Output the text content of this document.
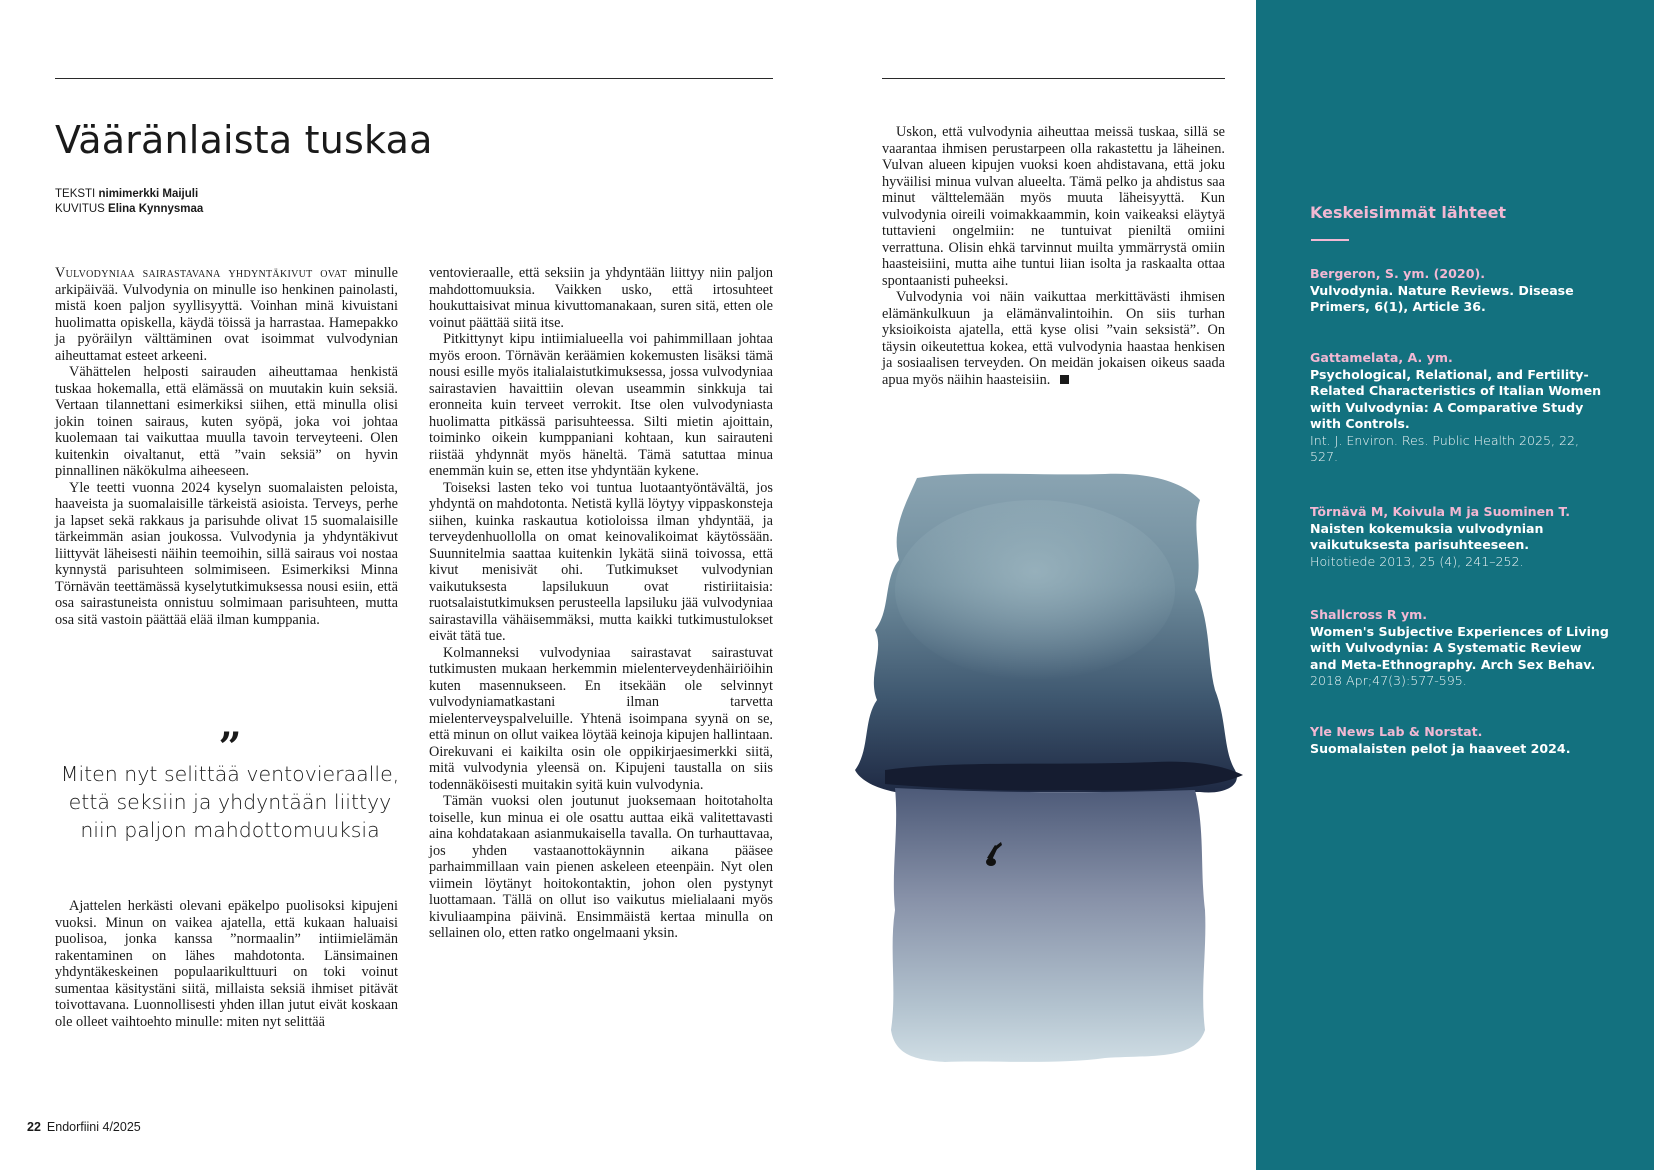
Vääränlaista tuskaa
TEKSTI nimimerkki Maijuli
KUVITUS Elina Kynnysmaa

Vulvodyniaa sairastavana yhdyntäkivut ovat minulle arkipäivää. Vulvodynia on minulle iso henkinen painolasti, mistä koen paljon syyllisyyttä. Voinhan minä kivuistani huolimatta opiskella, käydä töissä ja harrastaa. Hamepakko ja pyöräilyn välttäminen ovat isoimmat vulvodynian aiheuttamat esteet arkeeni.

Vähättelen helposti sairauden aiheuttamaa henkistä tuskaa hokemalla, että elämässä on muutakin kuin seksiä. Vertaan tilannettani esimerkiksi siihen, että minulla olisi jokin toinen sairaus, kuten syöpä, joka voi johtaa kuolemaan tai vaikuttaa muulla tavoin terveyteeni. Olen kuitenkin oivaltanut, että ”vain seksiä” on hyvin pinnallinen näkökulma aiheeseen.

Yle teetti vuonna 2024 kyselyn suomalaisten peloista, haaveista ja suomalaisille tärkeistä asioista. Terveys, perhe ja lapset sekä rakkaus ja parisuhde olivat 15 suomalaisille tärkeimmän asian joukossa. Vulvodynia ja yhdyntäkivut liittyvät läheisesti näihin teemoihin, sillä sairaus voi nostaa kynnystä parisuhteen solmimiseen. Esimerkiksi Minna Törnävän teettämässä kyselytutkimuksessa nousi esiin, että osa sairastuneista onnistuu solmimaan parisuhteen, mutta osa sitä vastoin päättää elää ilman kumppania.

”
Miten nyt selittää ventovieraalle, että seksiin ja yhdyntään liittyy niin paljon mahdottomuuksia

Ajattelen herkästi olevani epäkelpo puolisoksi kipujeni vuoksi. Minun on vaikea ajatella, että kukaan haluaisi puolisoa, jonka kanssa ”normaalin” intiimielämän rakentaminen on lähes mahdotonta. Länsimainen yhdyntäkeskeinen populaarikulttuuri on toki voinut sumentaa käsitystäni siitä, millaista seksiä ihmiset pitävät toivottavana. Luonnollisesti yhden illan jutut eivät koskaan ole olleet vaihtoehto minulle: miten nyt selittää

ventovieraalle, että seksiin ja yhdyntään liittyy niin paljon mahdottomuuksia. Vaikken usko, että irtosuhteet houkuttaisivat minua kivuttomanakaan, suren sitä, etten ole voinut päättää siitä itse.

Pitkittynyt kipu intiimialueella voi pahimmillaan johtaa myös eroon. Törnävän keräämien kokemusten lisäksi tämä nousi esille myös italialaistutkimuksessa, jossa vulvodyniaa sairastavien havaittiin olevan useammin sinkkuja tai eronneita kuin terveet verrokit. Itse olen vulvodyniasta huolimatta pitkässä parisuhteessa. Silti mietin ajoittain, toiminko oikein kumppaniani kohtaan, kun sairauteni riistää yhdynnät myös häneltä. Tämä satuttaa minua enemmän kuin se, etten itse yhdyntään kykene.

Toiseksi lasten teko voi tuntua luotaantyöntävältä, jos yhdyntä on mahdotonta. Netistä kyllä löytyy vippaskonsteja siihen, kuinka raskautua kotioloissa ilman yhdyntää, ja terveydenhuollolla on omat keinovalikoimat käytössään. Suunnitelmia saattaa kuitenkin lykätä siinä toivossa, että kivut menisivät ohi. Tutkimukset vulvodynian vaikutuksesta lapsilukuun ovat ristiriitaisia: ruotsalaistutkimuksen perusteella lapsiluku jää vulvodyniaa sairastavilla vähäisemmäksi, mutta kaikki tutkimustulokset eivät tätä tue.

Kolmanneksi vulvodyniaa sairastavat sairastuvat tutkimusten mukaan herkemmin mielenterveydenhäiriöihin kuten masennukseen. En itsekään ole selvinnyt vulvodyniamatkastani ilman tarvetta mielenterveyspalveluille. Yhtenä isoimpana syynä on se, että minun on ollut vaikea löytää keinoja kipujen hallintaan. Oirekuvani ei kaikilta osin ole oppikirjaesimerkki siitä, mitä vulvodynia yleensä on. Kipujeni taustalla on siis todennäköisesti muitakin syitä kuin vulvodynia.

Tämän vuoksi olen joutunut juoksemaan hoitotaholta toiselle, kun minua ei ole osattu auttaa eikä valitettavasti aina kohdatakaan asianmukaisella tavalla. On turhauttavaa, jos yhden vastaanottokäynnin aikana pääsee parhaimmillaan vain pienen askeleen eteenpäin. Nyt olen viimein löytänyt hoitokontaktin, johon olen pystynyt luottamaan. Tällä on ollut iso vaikutus mielialaani myös kivuliaampina päivinä. Ensimmäistä kertaa minulla on sellainen olo, etten ratko ongelmaani yksin.

Uskon, että vulvodynia aiheuttaa meissä tuskaa, sillä se vaarantaa ihmisen perustarpeen olla rakastettu ja läheinen. Vulvan alueen kipujen vuoksi koen ahdistavana, että joku hyväilisi minua vulvan alueelta. Tämä pelko ja ahdistus saa minut välttelemään myös muuta läheisyyttä. Kun vulvodynia oireili voimakkaammin, koin vaikeaksi eläytyä tuttavieni ongelmiin: ne tuntuivat pieniltä omiini verrattuna. Olisin ehkä tarvinnut muilta ymmärrystä omiin haasteisiini, mutta aihe tuntui liian isolta ja raskaalta ottaa spontaanisti puheeksi.

Vulvodynia voi näin vaikuttaa merkittävästi ihmisen elämänkulkuun ja elämänvalintoihin. On siis turhan yksioikoista ajatella, että kyse olisi ”vain seksistä”. On täysin oikeutettua kokea, että vulvodynia haastaa henkisen ja sosiaalisen terveyden. On meidän jokaisen oikeus saada apua myös näihin haasteisiin.

22 Endorfiini 4/2025
Keskeisimmät lähteet
Bergeron, S. ym. (2020).
Vulvodynia. Nature Reviews. Disease Primers, 6(1), Article 36.
Gattamelata, A. ym.
Psychological, Relational, and Fertility-Related Characteristics of Italian Women with Vulvodynia: A Comparative Study with Controls.
Int. J. Environ. Res. Public Health 2025, 22, 527.
Törnävä M, Koivula M ja Suominen T.
Naisten kokemuksia vulvodynian vaikutuksesta parisuhteeseen.
Hoitotiede 2013, 25 (4), 241–252.
Shallcross R ym.
Women's Subjective Experiences of Living with Vulvodynia: A Systematic Review and Meta-Ethnography. Arch Sex Behav.
2018 Apr;47(3):577-595.
Yle News Lab & Norstat.
Suomalaisten pelot ja haaveet 2024.
